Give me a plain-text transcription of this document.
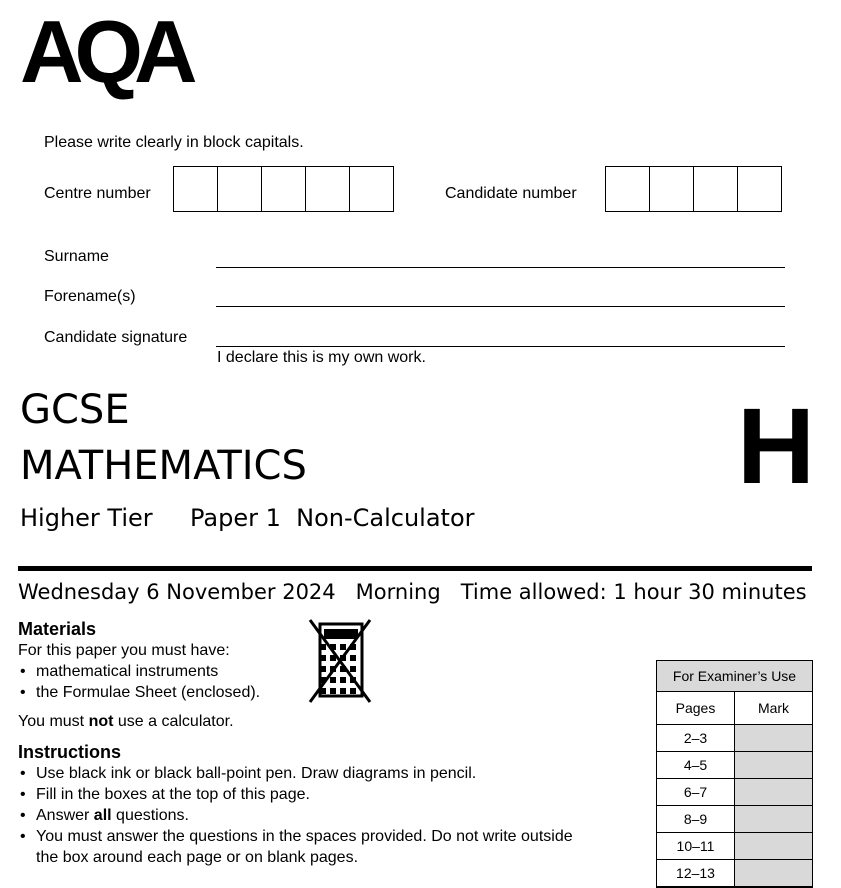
AQA
Please write clearly in block capitals.
Centre number	Candidate number
Surname
Forename(s)
Candidate signature
I declare this is my own work.
GCSE
MATHEMATICS	H
Higher Tier Paper 1  Non-Calculator
Wednesday 6 November 2024   Morning   Time allowed: 1 hour 30 minutes
Materials
For this paper you must have:
• mathematical instruments
• the Formulae Sheet (enclosed).
You must not use a calculator.
Instructions
• Use black ink or black ball-point pen. Draw diagrams in pencil.
• Fill in the boxes at the top of this page.
• Answer all questions.
• You must answer the questions in the spaces provided. Do not write outside the box around each page or on blank pages.
For Examiner’s Use
Pages	Mark
2–3
4–5
6–7
8–9
10–11
12–13
